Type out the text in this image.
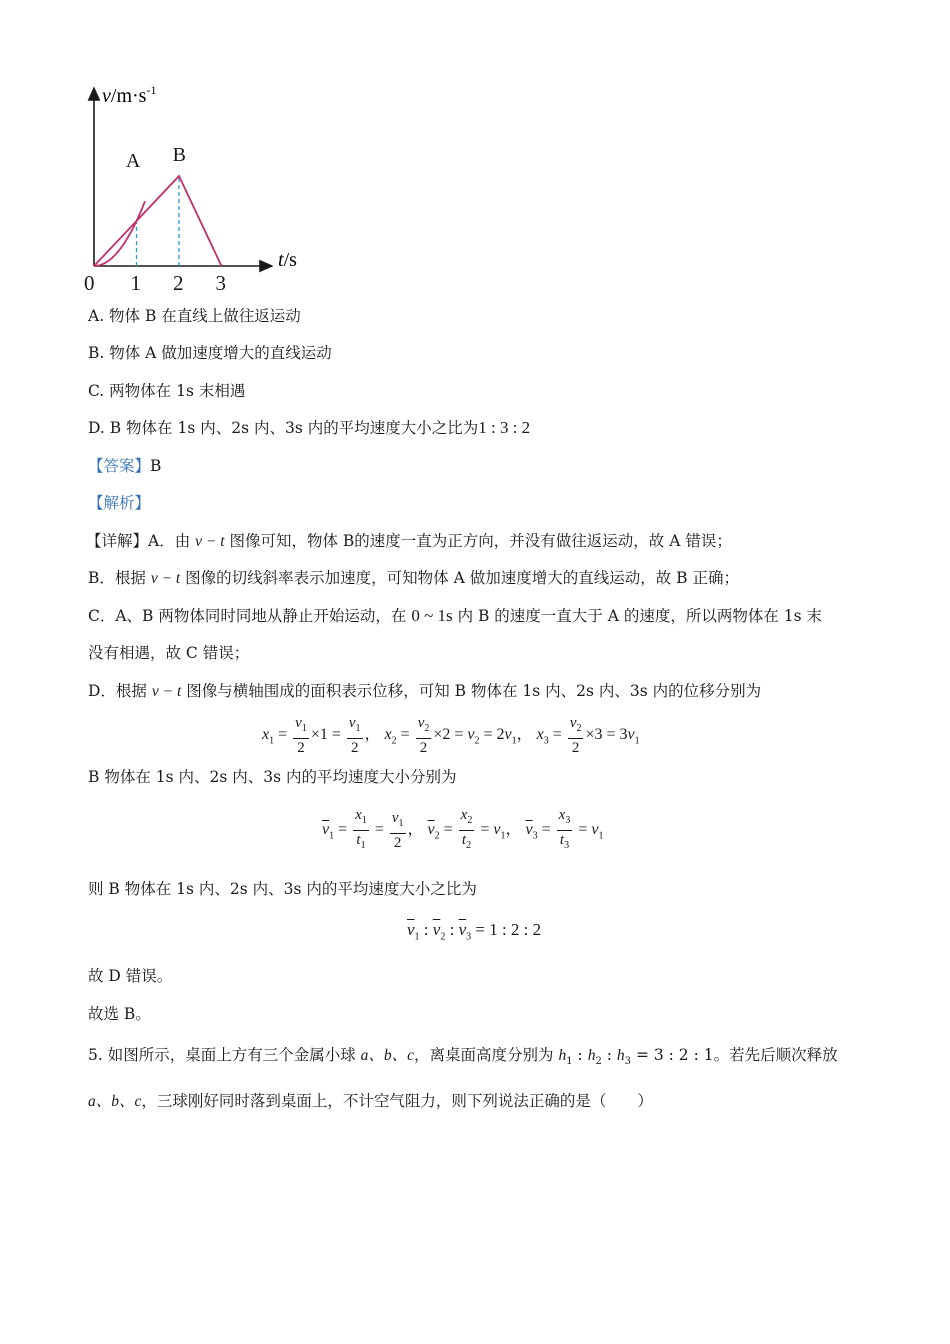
A B
0 1 2 3
$v/m\cdot s^{-1}$
t/s
A. 物体 B 在直线上做往返运动
B. 物体 A 做加速度增大的直线运动
C. 两物体在 1s 末相遇
D. B 物体在 1s 内、2s 内、3s 内的平均速度大小之比为1 : 3 : 2
【答案】B
【解析】
【详解】A．由 v − t 图像可知，物体 B的速度一直为正方向，并没有做往返运动，故 A 错误；
B．根据 v − t 图像的切线斜率表示加速度，可知物体 A 做加速度增大的直线运动，故 B 正确；
C．A、B 两物体同时同地从静止开始运动，在 0 ~ 1s 内 B 的速度一直大于 A 的速度，所以两物体在 1s 末
没有相遇，故 C 错误；
D．根据 v − t 图像与横轴围成的面积表示位移，可知 B 物体在 1s 内、2s 内、3s 内的位移分别为
$x_1 = \frac{v_1}{2} \times 1 = \frac{v_1}{2}$ ， $x_2 = \frac{v_2}{2} \times 2 = v_2 = 2v_1$， $x_3 = \frac{v_2}{2} \times 3 = 3v_1$
B 物体在 1s 内、2s 内、3s 内的平均速度大小分别为
$\overline{v}_1 = \frac{x_1}{t_1} = \frac{v_1}{2}$ ， $\overline{v}_2 = \frac{x_2}{t_2} = v_1$， $\overline{v}_3 = \frac{x_3}{t_3} = v_1$
则 B 物体在 1s 内、2s 内、3s 内的平均速度大小之比为
$\overline{v}_1$ : $\overline{v}_2$ : $\overline{v}_3 = 1$ : 2 : 2
故 D 错误。
故选 B。
5. 如图所示，桌面上方有三个金属小球 a、b、c，离桌面高度分别为 $h_1$ : $h_2$ : $h_3 = 3$ : 2 : 1。若先后顺次释放
a、b、c，三球刚好同时落到桌面上，不计空气阻力，则下列说法正确的是（　　）
